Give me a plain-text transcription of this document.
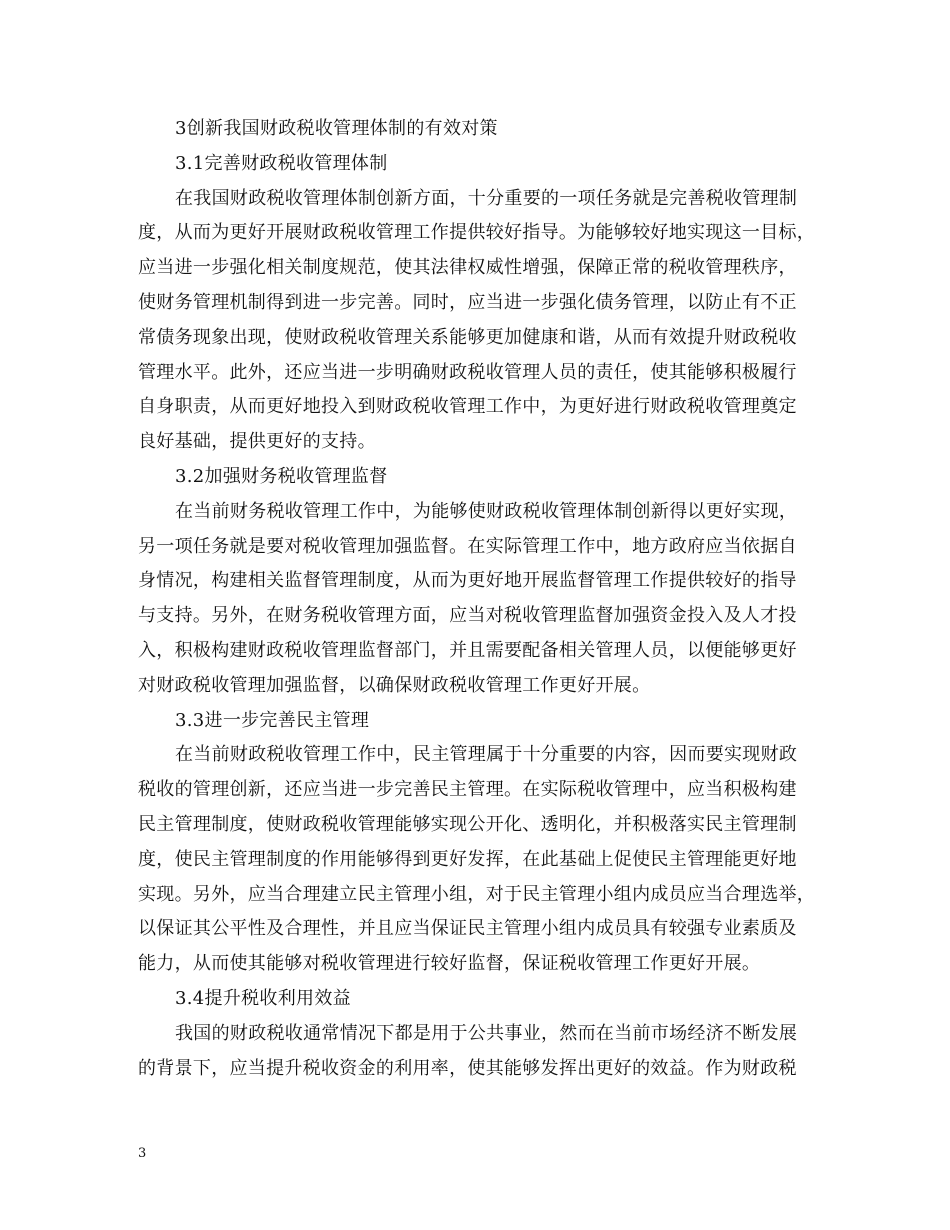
3创新我国财政税收管理体制的有效对策
3.1完善财政税收管理体制
在我国财政税收管理体制创新方面，十分重要的一项任务就是完善税收管理制
度，从而为更好开展财政税收管理工作提供较好指导。为能够较好地实现这一目标，
应当进一步强化相关制度规范，使其法律权威性增强，保障正常的税收管理秩序，
使财务管理机制得到进一步完善。同时，应当进一步强化债务管理，以防止有不正
常债务现象出现，使财政税收管理关系能够更加健康和谐，从而有效提升财政税收
管理水平。此外，还应当进一步明确财政税收管理人员的责任，使其能够积极履行
自身职责，从而更好地投入到财政税收管理工作中，为更好进行财政税收管理奠定
良好基础，提供更好的支持。
3.2加强财务税收管理监督
在当前财务税收管理工作中，为能够使财政税收管理体制创新得以更好实现，
另一项任务就是要对税收管理加强监督。在实际管理工作中，地方政府应当依据自
身情况，构建相关监督管理制度，从而为更好地开展监督管理工作提供较好的指导
与支持。另外，在财务税收管理方面，应当对税收管理监督加强资金投入及人才投
入，积极构建财政税收管理监督部门，并且需要配备相关管理人员，以便能够更好
对财政税收管理加强监督，以确保财政税收管理工作更好开展。
3.3进一步完善民主管理
在当前财政税收管理工作中，民主管理属于十分重要的内容，因而要实现财政
税收的管理创新，还应当进一步完善民主管理。在实际税收管理中，应当积极构建
民主管理制度，使财政税收管理能够实现公开化、透明化，并积极落实民主管理制
度，使民主管理制度的作用能够得到更好发挥，在此基础上促使民主管理能更好地
实现。另外，应当合理建立民主管理小组，对于民主管理小组内成员应当合理选举，
以保证其公平性及合理性，并且应当保证民主管理小组内成员具有较强专业素质及
能力，从而使其能够对税收管理进行较好监督，保证税收管理工作更好开展。
3.4提升税收利用效益
我国的财政税收通常情况下都是用于公共事业，然而在当前市场经济不断发展
的背景下，应当提升税收资金的利用率，使其能够发挥出更好的效益。作为财政税
3
